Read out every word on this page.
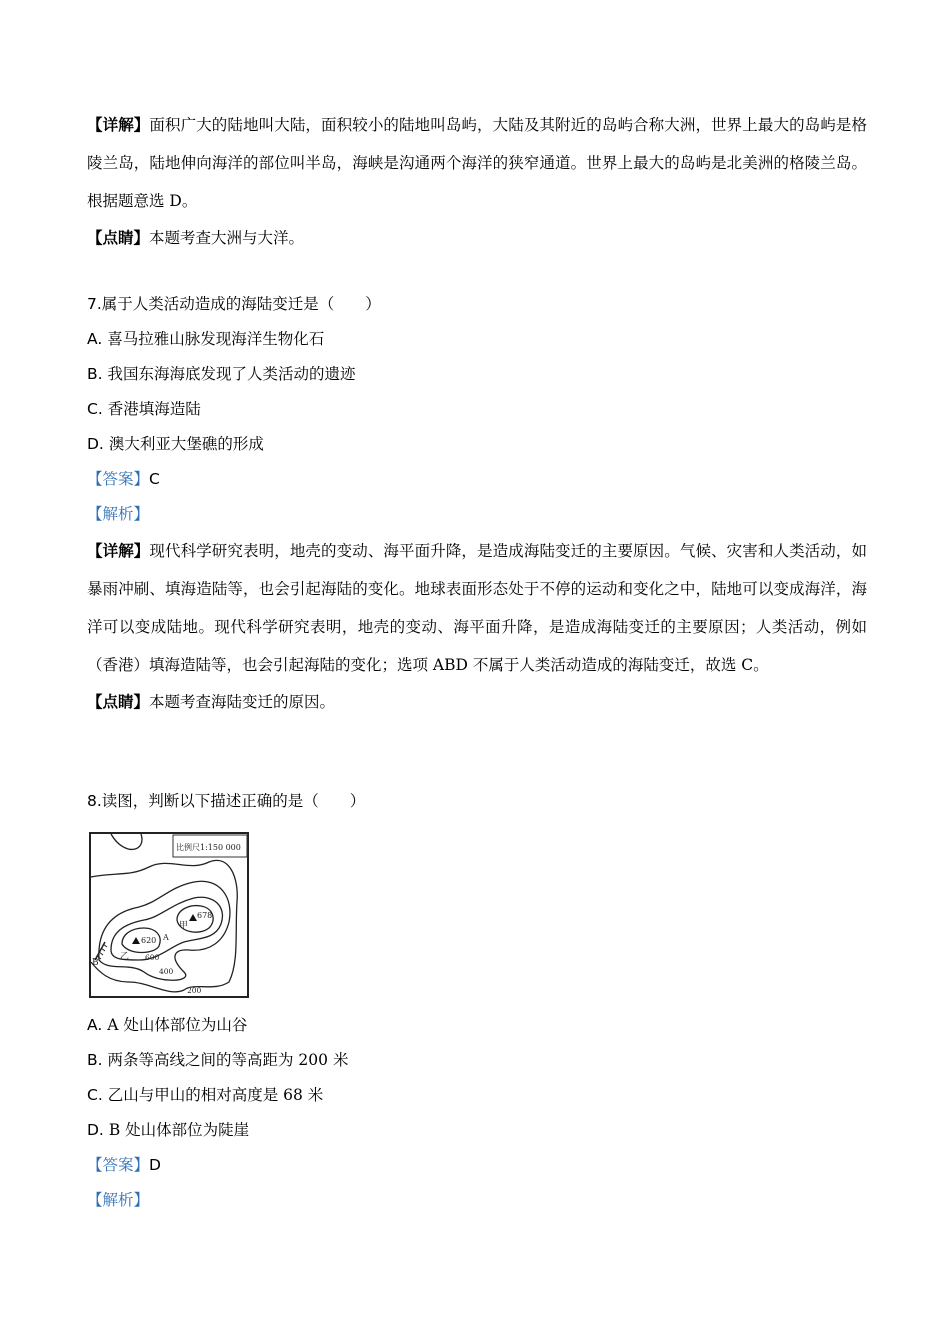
【详解】面积广大的陆地叫大陆，面积较小的陆地叫岛屿，大陆及其附近的岛屿合称大洲，世界上最大的岛屿是格陵兰岛，陆地伸向海洋的部位叫半岛，海峡是沟通两个海洋的狭窄通道。世界上最大的岛屿是北美洲的格陵兰岛。根据题意选 D。

【点睛】本题考查大洲与大洋。

7.属于人类活动造成的海陆变迁是（　　）

A. 喜马拉雅山脉发现海洋生物化石

B. 我国东海海底发现了人类活动的遗迹

C. 香港填海造陆

D. 澳大利亚大堡礁的形成

【答案】C

【解析】

【详解】现代科学研究表明，地壳的变动、海平面升降，是造成海陆变迁的主要原因。气候、灾害和人类活动，如暴雨冲刷、填海造陆等，也会引起海陆的变化。地球表面形态处于不停的运动和变化之中，陆地可以变成海洋，海洋可以变成陆地。现代科学研究表明，地壳的变动、海平面升降，是造成海陆变迁的主要原因；人类活动，例如（香港）填海造陆等，也会引起海陆的变化；选项 ABD 不属于人类活动造成的海陆变迁，故选 C。

【点睛】本题考查海陆变迁的原因。

8.读图，判断以下描述正确的是（　　）

比例尺1:150 000
620
乙
678
甲
A
B
600
400
200

A. A 处山体部位为山谷

B. 两条等高线之间的等高距为 200 米

C. 乙山与甲山的相对高度是 68 米

D. B 处山体部位为陡崖

【答案】D

【解析】
